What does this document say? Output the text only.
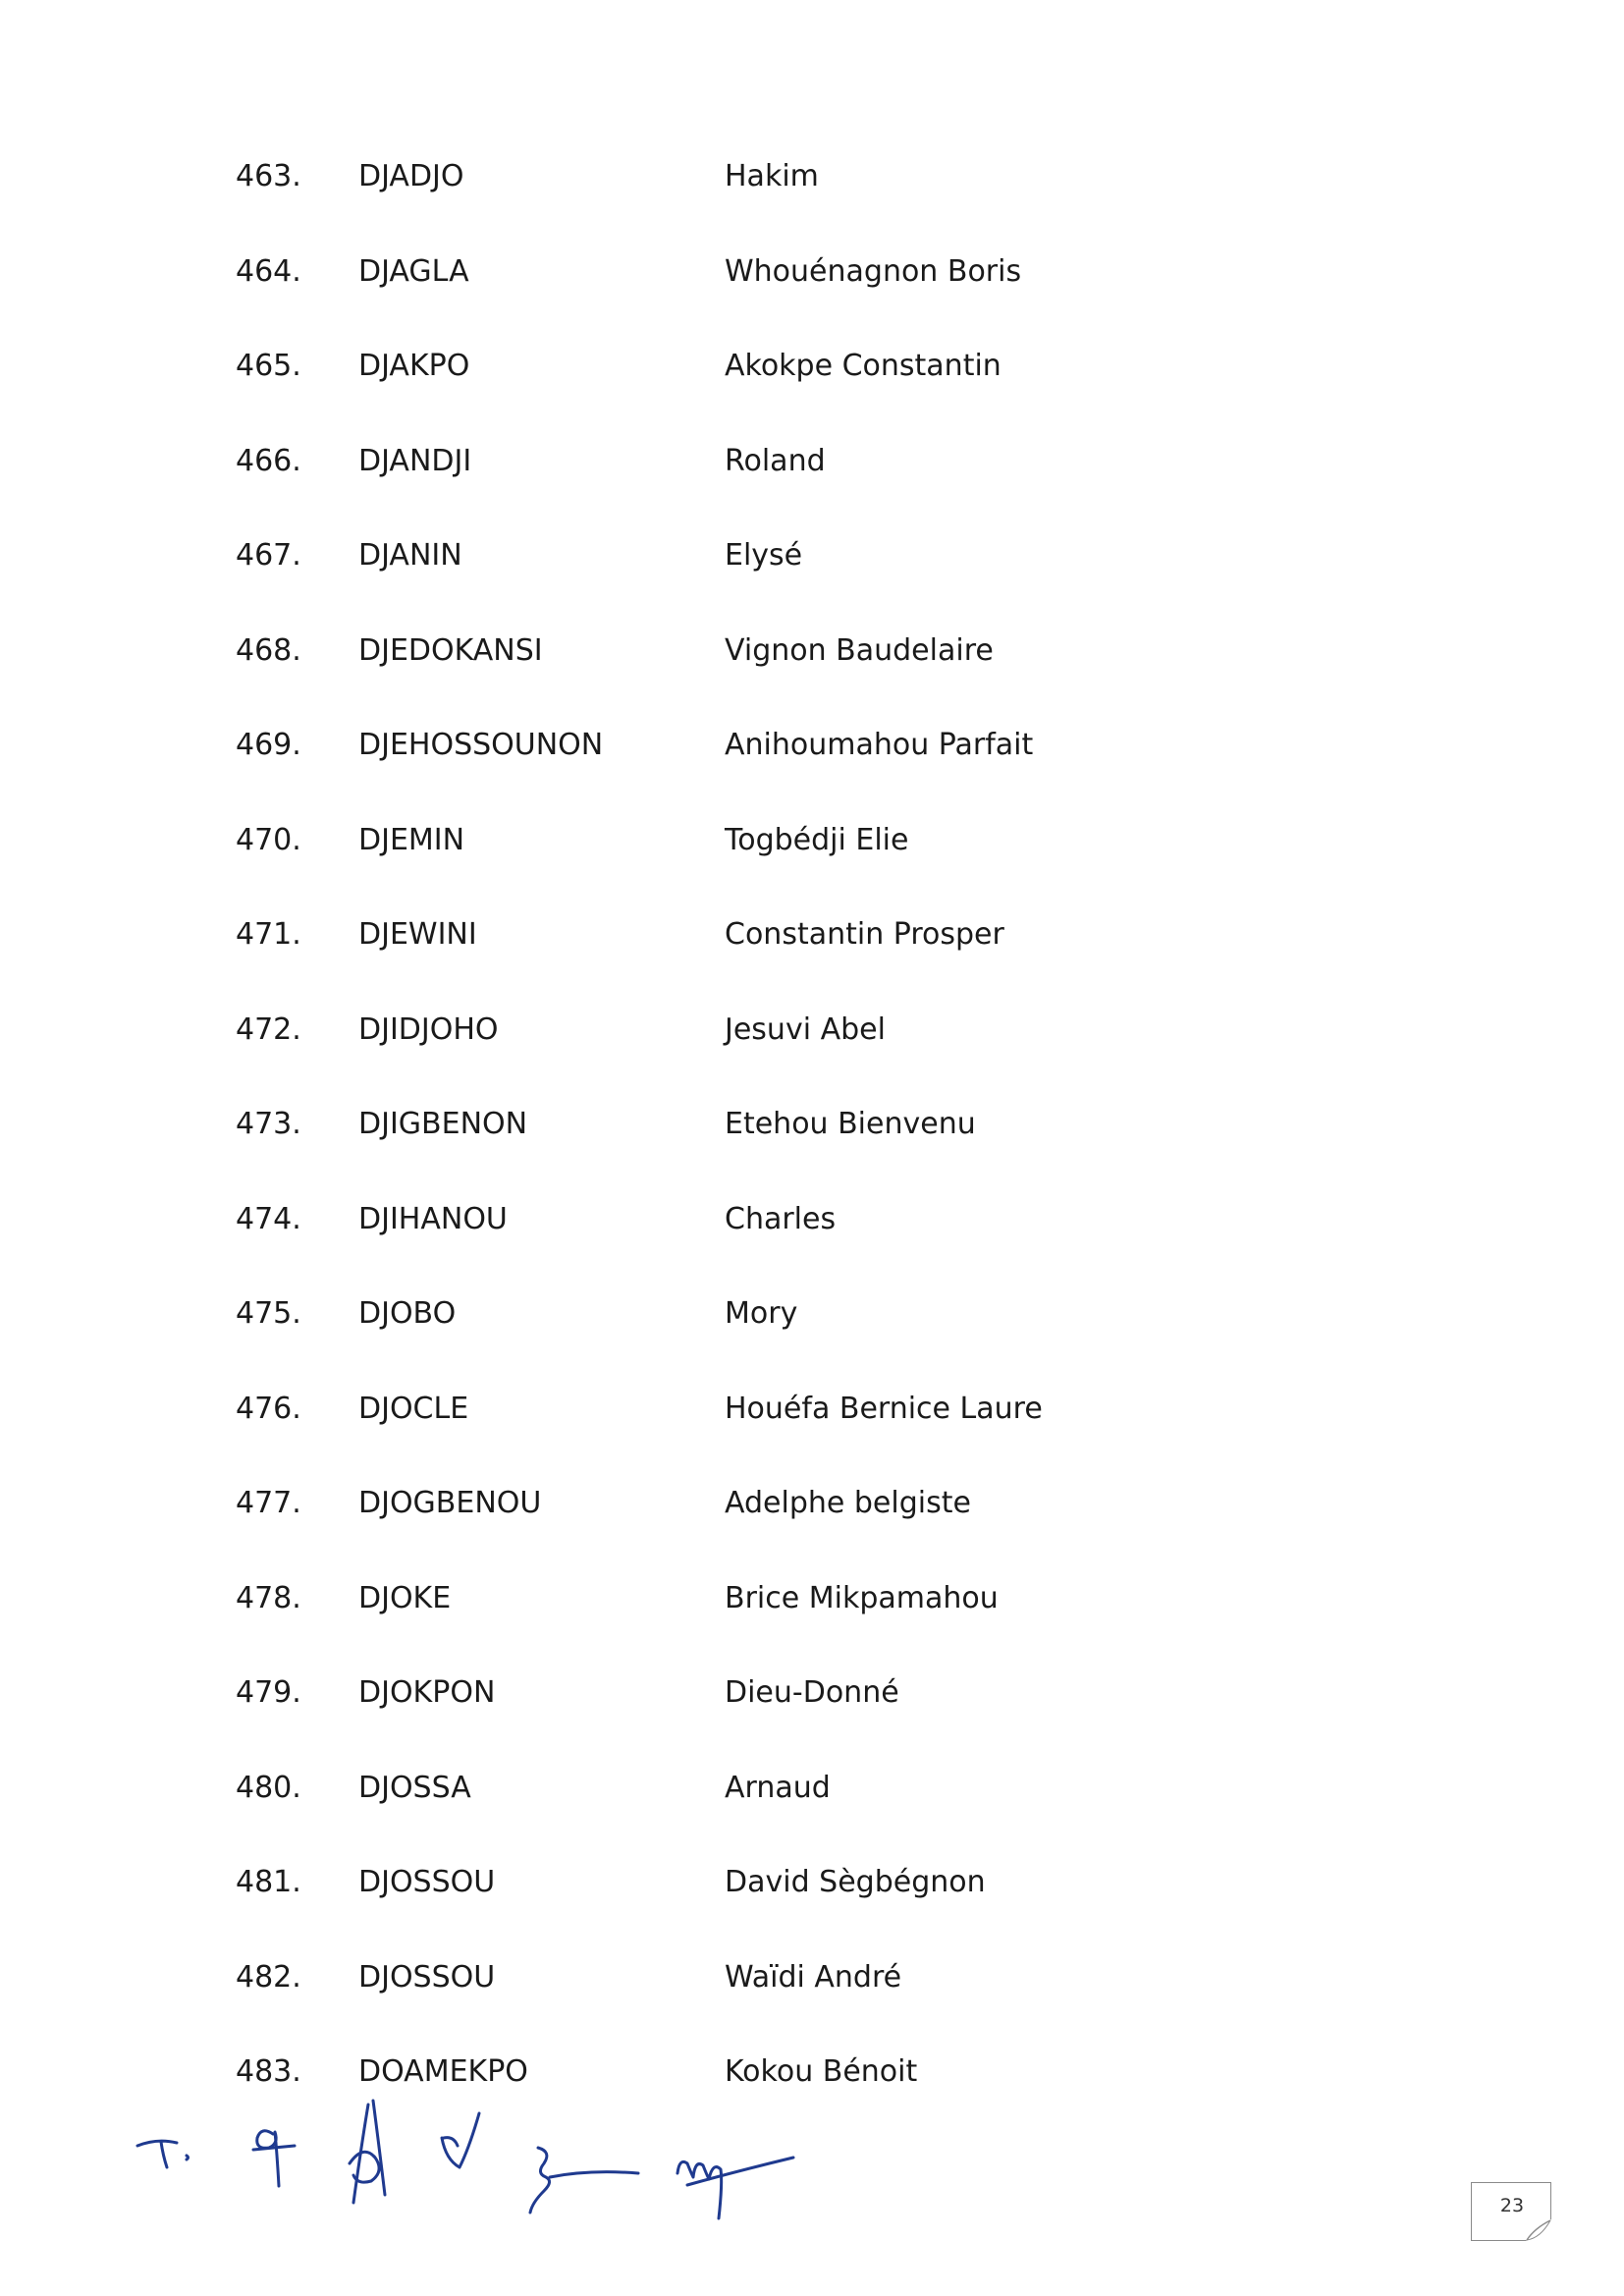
463. DJADJO	Hakim
464. DJAGLA	Whouénagnon Boris
465. DJAKPO	Akokpe Constantin
466. DJANDJI	Roland
467. DJANIN	Elysé
468. DJEDOKANSI	Vignon Baudelaire
469. DJEHOSSOUNON	Anihoumahou Parfait
470. DJEMIN	Togbédji Elie
471. DJEWINI	Constantin Prosper
472. DJIDJOHO	Jesuvi Abel
473. DJIGBENON	Etehou Bienvenu
474. DJIHANOU	Charles
475. DJOBO	Mory
476. DJOCLE	Houéfa Bernice Laure
477. DJOGBENOU	Adelphe belgiste
478. DJOKE	Brice Mikpamahou
479. DJOKPON	Dieu-Donné
480. DJOSSA	Arnaud
481. DJOSSOU	David Sègbégnon
482. DJOSSOU	Waïdi André
483. DOAMEKPO	Kokou Bénoit
23
